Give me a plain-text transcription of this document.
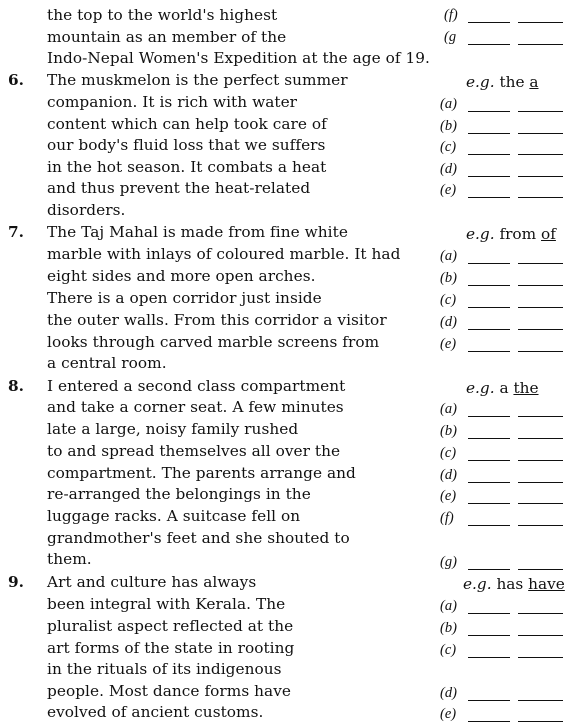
the top to the world's highest
mountain as an member of the
Indo-Nepal Women's Expedition at the age of 19.
(f)
(g
6. The muskmelon is the perfect summer
companion. It is rich with water
content which can help took care of
our body's fluid loss that we suffers
in the hot season. It combats a heat
and thus prevent the heat-related
disorders.
e.g. the a
(a)
(b)
(c)
(d)
(e)
7. The Taj Mahal is made from fine white
marble with inlays of coloured marble. It had
eight sides and more open arches.
There is a open corridor just inside
the outer walls. From this corridor a visitor
looks through carved marble screens from
a central room.
e.g. from of
(a)
(b)
(c)
(d)
(e)
8. I entered a second class compartment
and take a corner seat. A few minutes
late a large, noisy family rushed
to and spread themselves all over the
compartment. The parents arrange and
re-arranged the belongings in the
luggage racks. A suitcase fell on
grandmother's feet and she shouted to
them.
e.g. a the
(a)
(b)
(c)
(d)
(e)
(f)
(g)
9. Art and culture has always
been integral with Kerala. The
pluralist aspect reflected at the
art forms of the state in rooting
in the rituals of its indigenous
people. Most dance forms have
evolved of ancient customs.
e.g. has have
(a)
(b)
(c)
(d)
(e)
